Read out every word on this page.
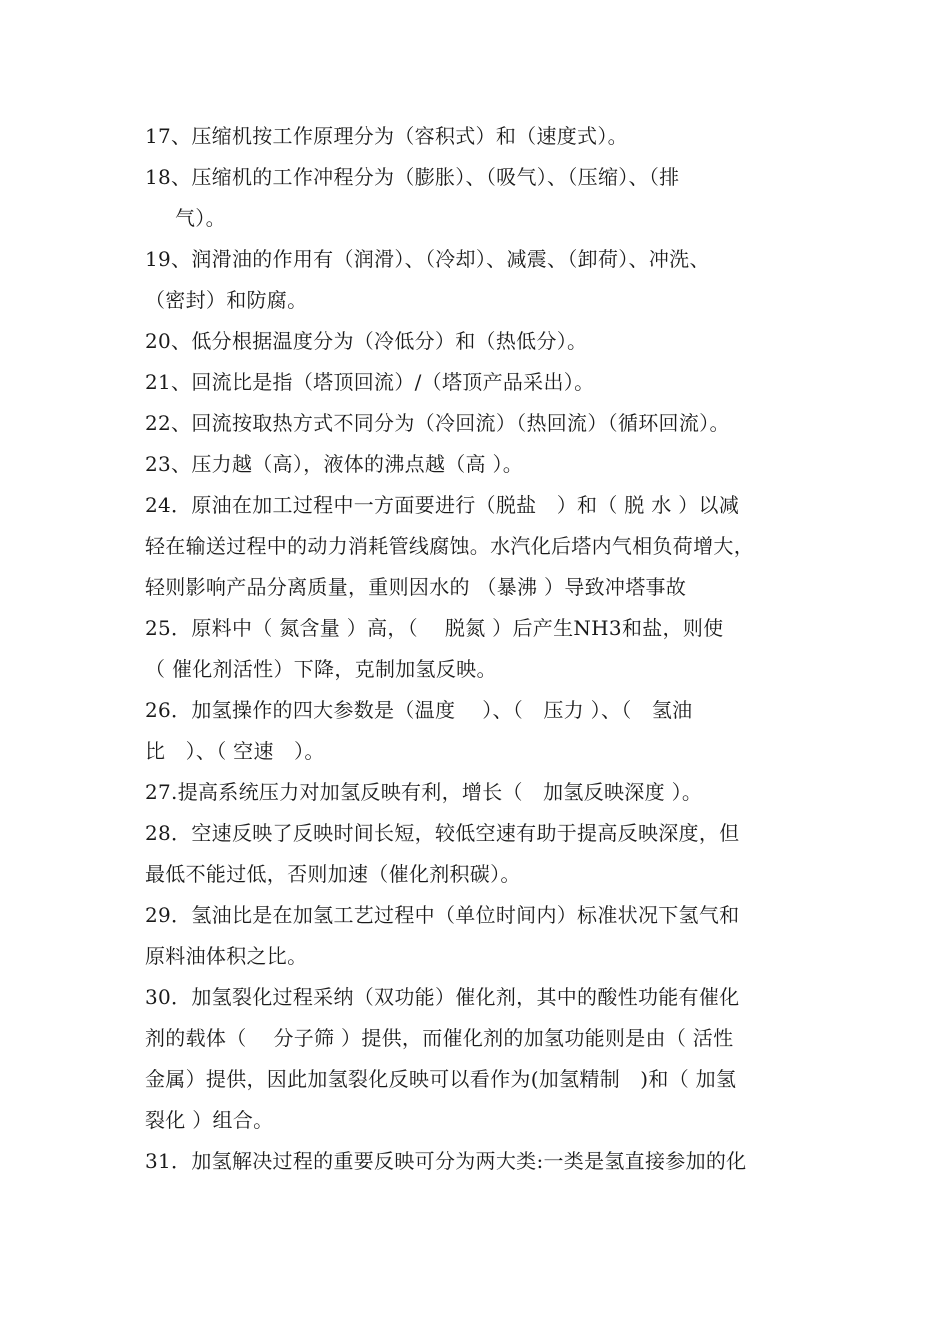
17、压缩机按工作原理分为（容积式）和（速度式）。
18、压缩机的工作冲程分为（膨胀）、（吸气）、（压缩）、（排
气）。
19、润滑油的作用有（润滑）、（冷却）、减震、（卸荷）、冲洗、
（密封）和防腐。
20、低分根据温度分为（冷低分）和（热低分）。
21、回流比是指（塔顶回流）/（塔顶产品采出）。
22、回流按取热方式不同分为（冷回流）（热回流）（循环回流）。
23、压力越（高），液体的沸点越（高 ）。
24．原油在加工过程中一方面要进行（脱盐　）和（ 脱 水 ）以减
轻在输送过程中的动力消耗管线腐蚀。水汽化后塔内气相负荷增大，
轻则影响产品分离质量，重则因水的 （暴沸 ）导致冲塔事故
25．原料中（ 氮含量 ）高，（　 脱氮 ）后产生NH3和盐，则使
（ 催化剂活性）下降，克制加氢反映。
26．加氢操作的四大参数是（温度　 ）、（　压力 ）、（　氢油
比　）、（ 空速　）。
27.提高系统压力对加氢反映有利，增长（　加氢反映深度 ）。
28．空速反映了反映时间长短，较低空速有助于提高反映深度，但
最低不能过低，否则加速（催化剂积碳）。
29．氢油比是在加氢工艺过程中（单位时间内）标准状况下氢气和
原料油体积之比。
30．加氢裂化过程采纳（双功能）催化剂，其中的酸性功能有催化
剂的载体（　 分子筛 ）提供，而催化剂的加氢功能则是由（ 活性
金属）提供，因此加氢裂化反映可以看作为(加氢精制　)和（ 加氢
裂化 ）组合。
31．加氢解决过程的重要反映可分为两大类:一类是氢直接参加的化
